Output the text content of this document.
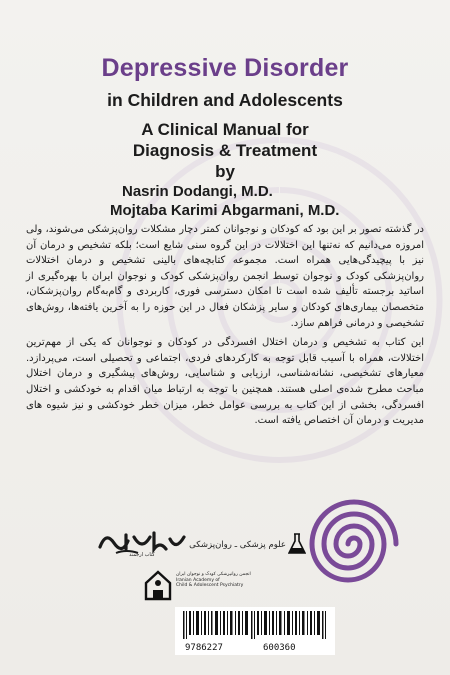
Depressive Disorder
in Children and Adolescents
A Clinical Manual for
Diagnosis & Treatment
by
Nasrin Dodangi, M.D.
Mojtaba Karimi Abgarmani, M.D.

در گذشته تصور بر این بود که کودکان و نوجوانان کمتر دچار مشکلات روان‌پزشکی می‌شوند، ولی امروزه می‌دانیم که نه‌تنها این اختلالات در این گروه سنی شایع است؛ بلکه تشخیص و درمان آن نیز با پیچیدگی‌هایی همراه است. مجموعه کتابچه‌های بالینی تشخیص و درمان اختلالات روان‌پزشکی کودک و نوجوان توسط انجمن روان‌پزشکی کودک و نوجوان ایران با بهره‌گیری از اساتید برجسته تألیف شده است تا امکان دسترسی فوری، کاربردی و گام‌به‌گام روان‌پزشکان، متخصصان بیماری‌های کودکان و سایر پزشکان فعال در این حوزه را به آخرین یافته‌ها، روش‌های تشخیصی و درمانی فراهم سازد.

این کتاب به تشخیص و درمان اختلال افسردگی در کودکان و نوجوانان که یکی از مهم‌ترین اختلالات، همراه با آسیب قابل توجه به کارکردهای فردی، اجتماعی و تحصیلی است، می‌پردازد. معیارهای تشخیصی، نشانه‌شناسی، ارزیابی و شناسایی، روش‌های پیشگیری و درمان اختلال مباحث مطرح شده‌ی اصلی هستند. همچنین با توجه به ارتباط میان اقدام به خودکشی و اختلال افسردگی، بخشی از این کتاب به بررسی عوامل خطر، میزان خطر خودکشی و نیز شیوه‌ های مدیریت و درمان آن اختصاص یافته است.

علوم پزشکی ـ روان‌پزشکی
کتاب ارجمند
انجمن روانپزشکی کودک و نوجوان ایران
Iranian Academy of
Child & Adolescent Psychiatry
9786227	600360
